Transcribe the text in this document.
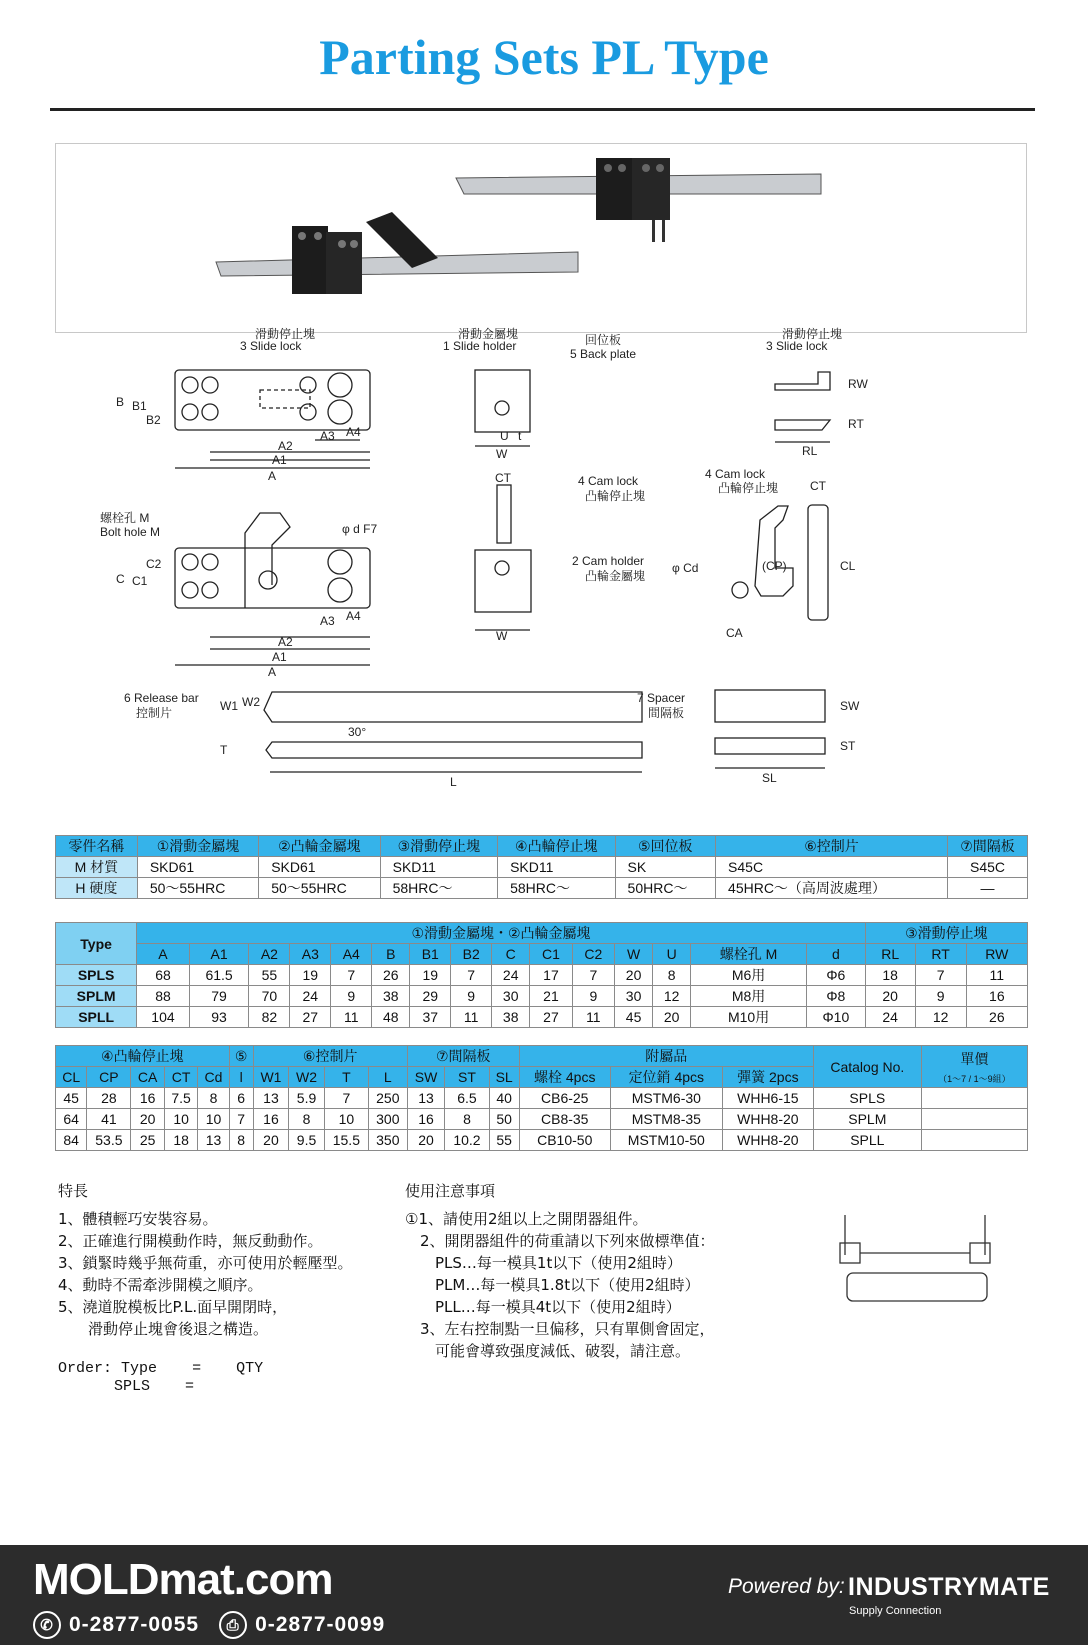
Parting Sets PL Type
滑動停止塊
3 Slide lock
滑動金屬塊
1 Slide holder	回位板
5 Back plate
滑動停止塊
3 Slide lock
4 Cam lock
凸輪停止塊
4 Cam lock
凸輪停止塊
2 Cam holder
凸輪金屬塊
螺栓孔 M
Bolt hole M	φ d F7
φ Cd
6 Release bar
控制片
7 Spacer
間隔板
30°
A
A1
A2
A3 A4
B B1
B2
C C1
C2
A
A1
A2
A3 A4
W
U t
CT
W	CA
(CP)
CT
CL
RL
RT
RW
W1 W2
T
L
SW
ST
SL
零件名稱	①滑動金屬塊	②凸輪金屬塊	③滑動停止塊	④凸輪停止塊	⑤回位板	⑥控制片	⑦間隔板
M 材質	SKD61	SKD61	SKD11	SKD11	SK	S45C	S45C
H 硬度	50～55HRC	50～55HRC	58HRC～	58HRC～	50HRC～	45HRC～（高周波處理）	—
Type	①滑動金屬塊・②凸輪金屬塊															③滑動停止塊		
	A	A1	A2	A3	A4	B	B1	B2	C	C1	C2	W	U	螺栓孔 M	d	RL	RT	RW
SPLS	68	61.5	55	19	7	26	19	7	24	17	7	20	8	M6用	Φ6	18	7	11
SPLM	88	79	70	24	9	38	29	9	30	21	9	30	12	M8用	Φ8	20	9	16
SPLL	104	93	82	27	11	48	37	11	38	27	11	45	20	M10用	Φ10	24	12	26
④凸輪停止塊					⑤	⑥控制片				⑦間隔板			附屬品			Catalog No.	單價
（1～7 / 1～9組）
CL	CP	CA	CT	Cd	l	W1	W2	T	L	SW	ST	SL	螺栓 4pcs	定位銷 4pcs	彈簧 2pcs		
45	28	16	7.5	8	6	13	5.9	7	250	13	6.5	40	CB6-25	MSTM6-30	WHH6-15	SPLS	
64	41	20	10	10	7	16	8	10	300	16	8	50	CB8-35	MSTM8-35	WHH8-20	SPLM	
84	53.5	25	18	13	8	20	9.5	15.5	350	20	10.2	55	CB10-50	MSTM10-50	WHH8-20	SPLL	
特長
1、體積輕巧安裝容易。
2、正確進行開模動作時，無反動動作。
3、鎖緊時幾乎無荷重，亦可使用於輕壓型。
4、動時不需牽涉開模之順序。
5、澆道脫模板比P.L.面早開閉時，
　　滑動停止塊會後退之構造。
使用注意事項
①1、請使用2組以上之開閉器組件。
　2、開閉器組件的荷重請以下列來做標準值：
　　PLS…每一模具1t以下（使用2組時）
　　PLM…每一模具1.8t以下（使用2組時）
　　PLL…每一模具4t以下（使用2組時）
　3、左右控制點一旦偏移，只有單側會固定，
　　可能會導致强度減低、破裂，請注意。
Order: Type = QTY
SPLS =
MOLDmat.com
✆ 0-2877-0055	⎙ 0-2877-0099
Powered by: INDUSTRYMATE
Supply Connection
